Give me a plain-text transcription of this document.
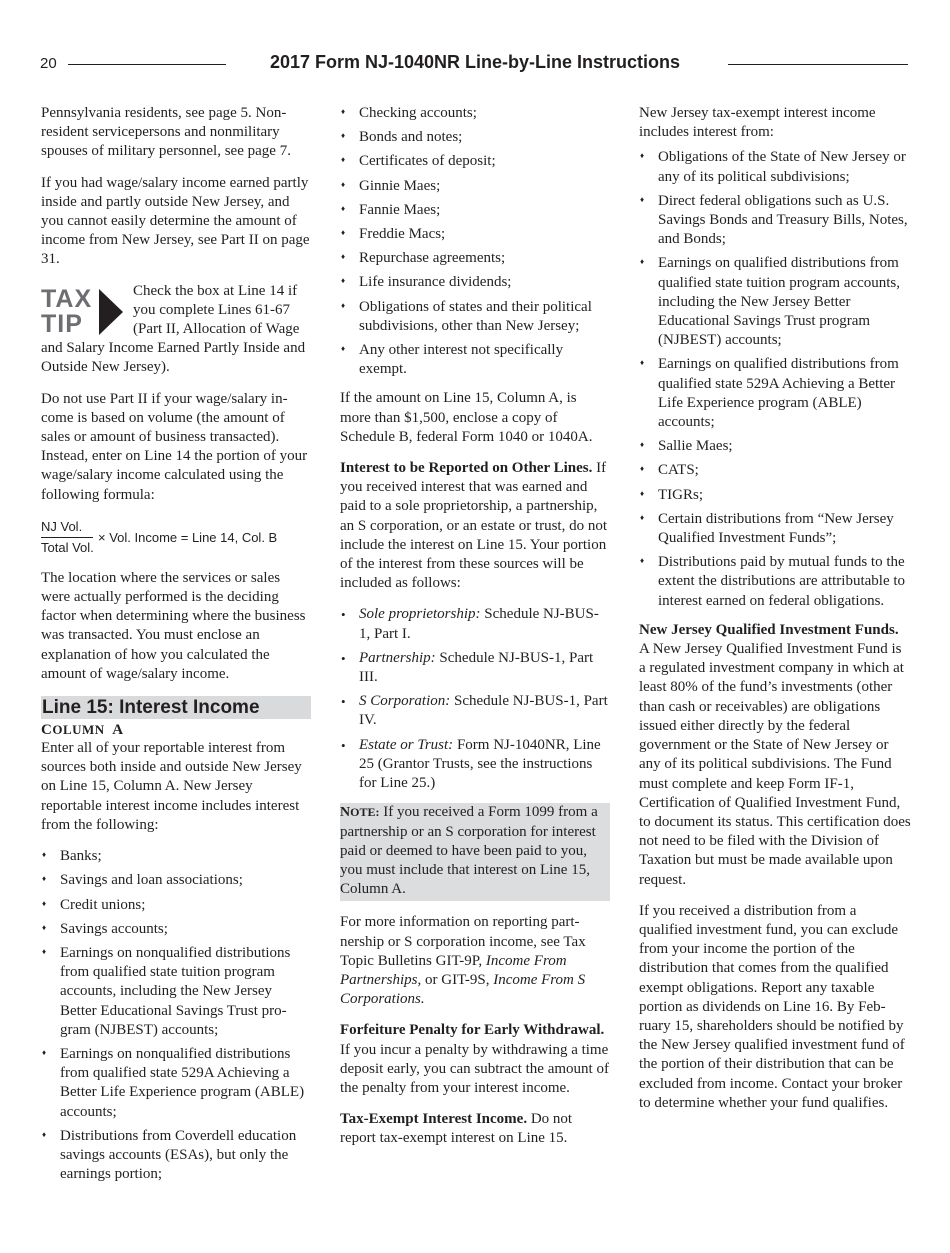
20	2017 Form NJ-1040NR Line-by-Line Instructions

Pennsylvania residents, see page 5. Nonresident servicepersons and nonmilitary spouses of military personnel, see page 7.

If you had wage/salary income earned partly inside and partly outside New Jersey, and you cannot easily determine the amount of income from New Jersey, see Part II on page 31.

TAX
TIP
Check the box at Line 14 if you complete Lines 61-67 (Part II, Allocation of Wage and Salary Income Earned Partly Inside and Outside New Jersey).

Do not use Part II if your wage/salary income is based on volume (the amount of sales or amount of business transacted). Instead, enter on Line 14 the portion of your wage/salary income calculated using the following formula:

NJ Vol.
Total Vol.
× Vol. Income = Line 14, Col. B

The location where the services or sales were actually performed is the deciding factor when determining where the business was transacted. You must enclose an explanation of how you calculated the amount of wage/salary income.

Line 15: Interest Income
COLUMN A

Enter all of your reportable interest from sources both inside and outside New Jersey on Line 15, Column A. New Jersey reportable interest income includes interest from the following:

♦ Banks;
♦ Savings and loan associations;
♦ Credit unions;
♦ Savings accounts;
♦ Earnings on nonqualified distributions from qualified state tuition program accounts, including the New Jersey Better Educational Savings Trust program (NJBEST) accounts;
♦ Earnings on nonqualified distributions from qualified state 529A Achieving a Better Life Experience program (ABLE) accounts;
♦ Distributions from Coverdell education savings accounts (ESAs), but only the earnings portion;
♦ Checking accounts;
♦ Bonds and notes;
♦ Certificates of deposit;
♦ Ginnie Maes;
♦ Fannie Maes;
♦ Freddie Macs;
♦ Repurchase agreements;
♦ Life insurance dividends;
♦ Obligations of states and their political subdivisions, other than New Jersey;
♦ Any other interest not specifically exempt.

If the amount on Line 15, Column A, is more than $1,500, enclose a copy of Schedule B, federal Form 1040 or 1040A.

Interest to be Reported on Other Lines. If you received interest that was earned and paid to a sole proprietorship, a partnership, an S corporation, or an estate or trust, do not include the interest on Line 15. Your portion of the interest from these sources will be included as follows:

• Sole proprietorship: Schedule NJ-BUS-1, Part I.
• Partnership: Schedule NJ-BUS-1, Part III.
• S Corporation: Schedule NJ-BUS-1, Part IV.
• Estate or Trust: Form NJ-1040NR, Line 25 (Grantor Trusts, see the instructions for Line 25.)
NOTE: If you received a Form 1099 from a partnership or an S corporation for interest paid or deemed to have been paid to you, you must include that interest on Line 15, Column A.

For more information on reporting partnership or S corporation income, see Tax Topic Bulletins GIT-9P, Income From Partnerships, or GIT-9S, Income From S Corporations.

Forfeiture Penalty for Early Withdrawal. If you incur a penalty by withdrawing a time deposit early, you can subtract the amount of the penalty from your interest income.

Tax-Exempt Interest Income. Do not report tax-exempt interest on Line 15.

New Jersey tax-exempt interest income includes interest from:

♦ Obligations of the State of New Jersey or any of its political subdivisions;
♦ Direct federal obligations such as U.S. Savings Bonds and Treasury Bills, Notes, and Bonds;
♦ Earnings on qualified distributions from qualified state tuition program accounts, including the New Jersey Better Educational Savings Trust program (NJBEST) accounts;
♦ Earnings on qualified distributions from qualified state 529A Achieving a Better Life Experience program (ABLE) accounts;
♦ Sallie Maes;
♦ CATS;
♦ TIGRs;
♦ Certain distributions from “New Jersey Qualified Investment Funds”;
♦ Distributions paid by mutual funds to the extent the distributions are attributable to interest earned on federal obligations.

New Jersey Qualified Investment Funds. A New Jersey Qualified Investment Fund is a regulated investment company in which at least 80% of the fund’s investments (other than cash or receivables) are obligations issued either directly by the federal government or the State of New Jersey or any of its political subdivisions. The Fund must complete and keep Form IF-1, Certification of Qualified Investment Fund, to document its status. This certification does not need to be filed with the Division of Taxation but must be made available upon request.

If you received a distribution from a qualified investment fund, you can exclude from your income the portion of the distribution that comes from the qualified exempt obligations. Report any taxable portion as dividends on Line 16. By February 15, shareholders should be notified by the New Jersey qualified investment fund of the portion of their distribution that can be excluded from income. Contact your broker to determine whether your fund qualifies.
